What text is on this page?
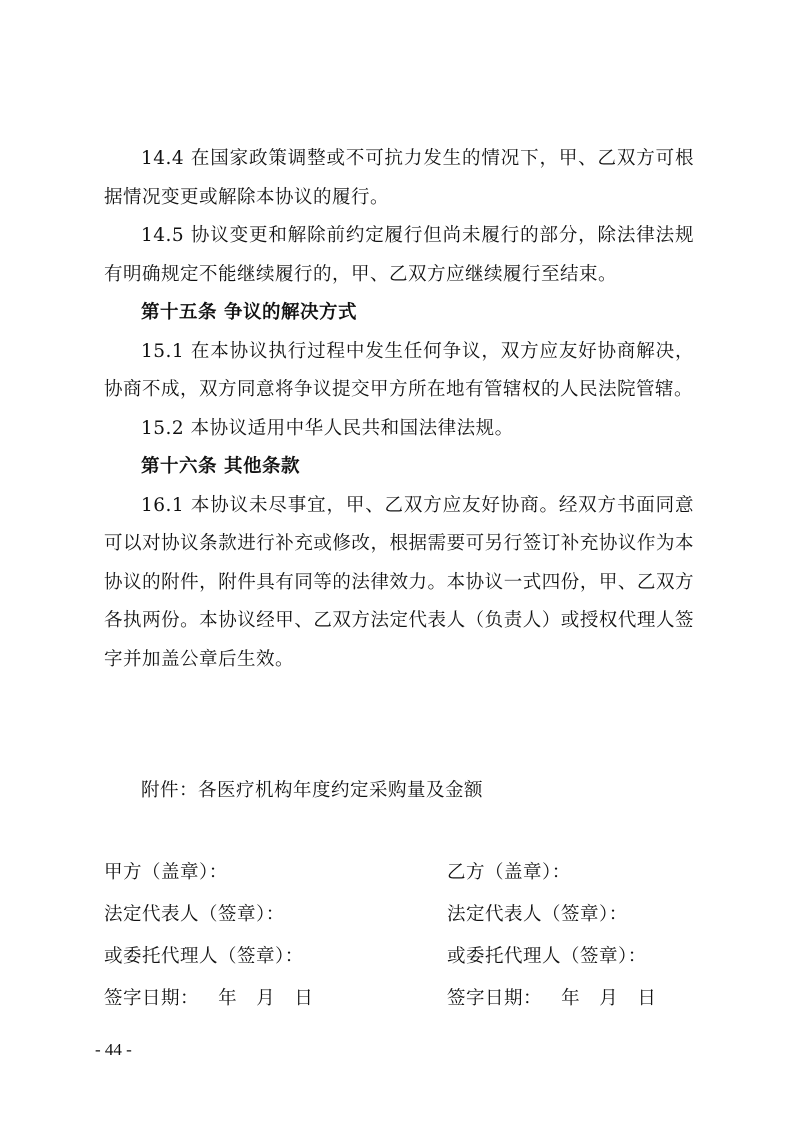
14.4 在国家政策调整或不可抗力发生的情况下，甲、乙双方可根据情况变更或解除本协议的履行。

14.5 协议变更和解除前约定履行但尚未履行的部分，除法律法规有明确规定不能继续履行的，甲、乙双方应继续履行至结束。

第十五条 争议的解决方式

15.1 在本协议执行过程中发生任何争议，双方应友好协商解决，协商不成，双方同意将争议提交甲方所在地有管辖权的人民法院管辖。

15.2 本协议适用中华人民共和国法律法规。

第十六条 其他条款

16.1 本协议未尽事宜，甲、乙双方应友好协商。经双方书面同意可以对协议条款进行补充或修改，根据需要可另行签订补充协议作为本协议的附件，附件具有同等的法律效力。本协议一式四份，甲、乙双方各执两份。本协议经甲、乙双方法定代表人（负责人）或授权代理人签字并加盖公章后生效。

附件：各医疗机构年度约定采购量及金额
甲方（盖章）：	乙方（盖章）：
法定代表人（签章）：	法定代表人（签章）：
或委托代理人（签章）：	或委托代理人（签章）：
签字日期：   年   月   日	签字日期：   年   月   日
- 44 -
